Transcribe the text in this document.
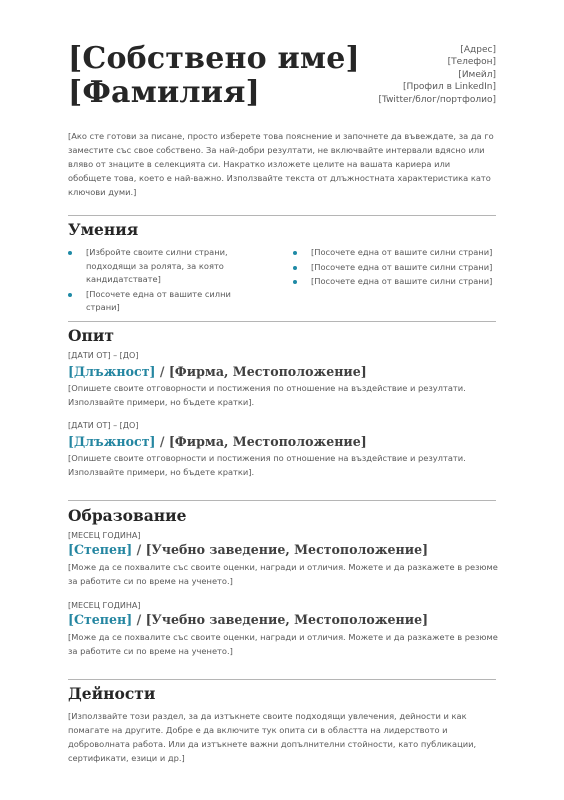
[Собствено име]
[Фамилия]
[Адрес]
[Телефон]
[Имейл]
[Профил в LinkedIn]
[Twitter/блог/портфолио]
[Ако сте готови за писане, просто изберете това пояснение и започнете да въвеждате, за да го заместите със свое собствено. За най-добри резултати, не включвайте интервали вдясно или вляво от знаците в селекцията си. Накратко изложете целите на вашата кариера или обобщете това, което е най-важно. Използвайте текста от длъжностната характеристика като ключови думи.]
Умения
[Избройте своите силни страни, подходящи за ролята, за която кандидатствате]
[Посочете една от вашите силни страни]
[Посочете една от вашите силни страни]
[Посочете една от вашите силни страни]
[Посочете една от вашите силни страни]
Опит
[ДАТИ ОТ] – [ДО]
[Длъжност] / [Фирма, Местоположение]
[Опишете своите отговорности и постижения по отношение на въздействие и резултати. Използвайте примери, но бъдете кратки].
[ДАТИ ОТ] – [ДО]
[Длъжност] / [Фирма, Местоположение]
[Опишете своите отговорности и постижения по отношение на въздействие и резултати. Използвайте примери, но бъдете кратки].
Образование
[МЕСЕЦ ГОДИНА]
[Степен] / [Учебно заведение, Местоположение]
[Може да се похвалите със своите оценки, награди и отличия. Можете и да разкажете в резюме за работите си по време на ученето.]
[МЕСЕЦ ГОДИНА]
[Степен] / [Учебно заведение, Местоположение]
[Може да се похвалите със своите оценки, награди и отличия. Можете и да разкажете в резюме за работите си по време на ученето.]
Дейности
[Използвайте този раздел, за да изтъкнете своите подходящи увлечения, дейности и как помагате на другите. Добре е да включите тук опита си в областта на лидерството и доброволната работа. Или да изтъкнете важни допълнителни стойности, като публикации, сертификати, езици и др.]
